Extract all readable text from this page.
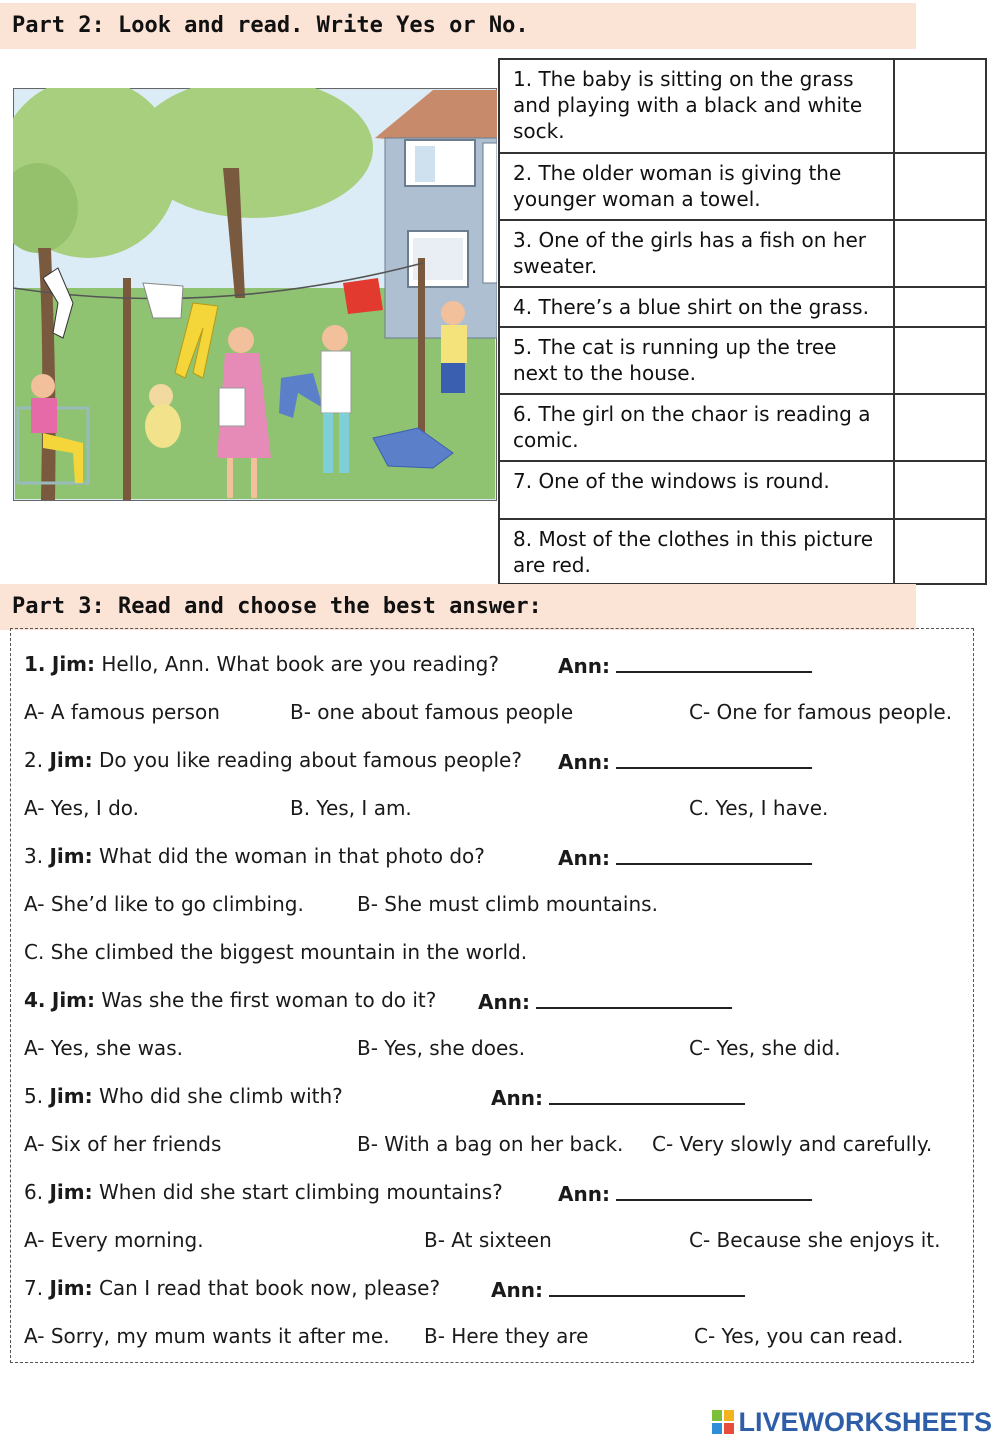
Part 2: Look and read. Write Yes or No.
1. The baby is sitting on the grass and playing with a black and white sock.	
2. The older woman is giving the younger woman a towel.	
3. One of the girls has a fish on her sweater.	
4. There’s a blue shirt on the grass.	
5. The cat is running up the tree next to the house.	
6. The girl on the chaor is reading a comic.	
7. One of the windows is round.	
8. Most of the clothes in this picture are red.	
Part 3: Read and choose the best answer:
1. Jim: Hello, Ann. What book are you reading?	Ann:
A- A famous person	B- one about famous people	C- One for famous people.
2. Jim: Do you like reading about famous people? Ann:
A- Yes, I do.	B. Yes, I am.	C. Yes, I have.
3. Jim: What did the woman in that photo do?	Ann:
A- She’d like to go climbing.	B- She must climb mountains.
C. She climbed the biggest mountain in the world.
4. Jim: Was she the first woman to do it? Ann:
A- Yes, she was.	B- Yes, she does.	C- Yes, she did.
5. Jim: Who did she climb with?	Ann:
A- Six of her friends	B- With a bag on her back. C- Very slowly and carefully.
6. Jim: When did she start climbing mountains?	Ann:
A- Every morning.	B- At sixteen	C- Because she enjoys it.
7. Jim: Can I read that book now, please?	Ann:
A- Sorry, my mum wants it after me. B- Here they are	C- Yes, you can read.
LIVEWORKSHEETS
